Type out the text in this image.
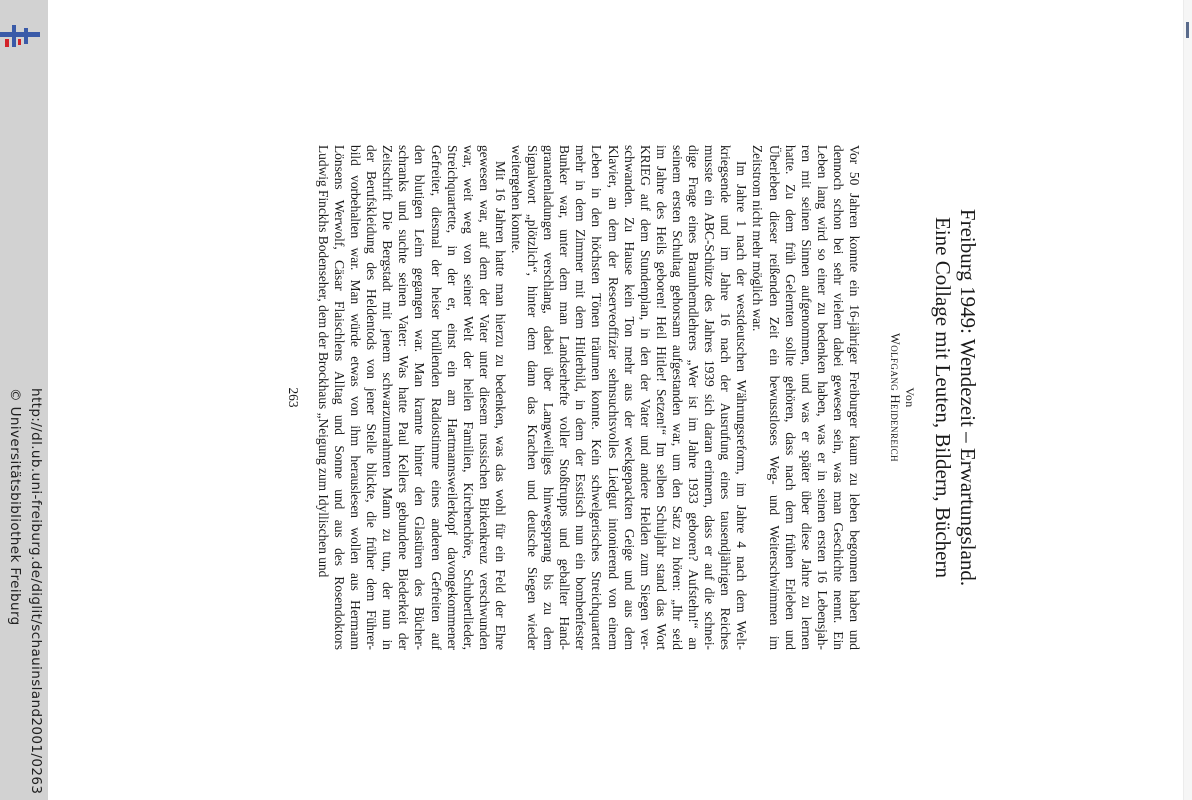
http://dl.ub.uni-freiburg.de/diglit/schauinsland2001/0263
© Universitätsbibliothek Freiburg	Freiburg 1949: Wendezeit – Erwartungsland.
Eine Collage mit Leuten, Bildern, Büchern
Von
Wolfgang Heidenreich
Vor 50 Jahren konnte ein 16-jähriger Freiburger kaum zu leben begonnen haben und
dennoch schon bei sehr vielem dabei gewesen sein, was man Geschichte nennt. Ein
Leben lang wird so einer zu bedenken haben, was er in seinen ersten 16 Lebensjah-
ren mit seinen Sinnen aufgenommen, und was er später über diese Jahre zu lernen
hatte. Zu dem früh Gelernten sollte gehören, dass nach dem frühen Erleben und
Überleben dieser reißenden Zeit ein bewusstloses Weg- und Weiterschwimmen im
Zeitstrom nicht mehr möglich war.
Im Jahre 1 nach der westdeutschen Währungsreform, im Jahre 4 nach dem Welt-
kriegsende und im Jahre 16 nach der Ausrufung eines tausendjährigen Reiches
musste ein ABC-Schütze des Jahres 1939 sich daran erinnern, dass er auf die schnei-
dige Frage eines Braunhemdlehrers „Wer ist im Jahre 1933 geboren? Aufstehn!“ an
seinem ersten Schultag gehorsam aufgestanden war, um den Satz zu hören: „Ihr seid
im Jahre des Heils geboren! Heil Hitler! Setzen!“ Im selben Schuljahr stand das Wort
KRIEG auf dem Stundenplan, in den der Vater und andere Helden zum Siegen ver-
schwanden. Zu Hause kein Ton mehr aus der weckgepackten Geige und aus dem
Klavier, an dem der Reserveoffizier sehnsuchtsvolles Liedgut intonierend von einem
Leben in den höchsten Tönen träumen konnte. Kein schwelgerisches Streichquartett
mehr in dem Zimmer mit dem Hitlerbild, in dem der Esstisch nun ein bombenfester
Bunker war, unter dem man Landserhefte voller Stoßtrupps und geballter Hand-
granatenladungen verschlang, dabei über Langweiliges hinwegsprang bis zu dem
Signalwort „plötzlich“, hinter dem dann das Krachen und deutsche Siegen wieder
weitergehen konnte.
Mit 16 Jahren hatte man hierzu zu bedenken, was das wohl für ein Feld der Ehre
gewesen war, auf dem der Vater unter diesem russischen Birkenkreuz verschwunden
war, weit weg von seiner Welt der heilen Familien, Kirchenchöre, Schubertlieder,
Streichquartette, in der er, einst ein am Hartmannsweilerkopf davongekommener
Gefreiter, diesmal der heiser brüllenden Radiostimme eines anderen Gefreiten auf
den blutigen Leim gegangen war. Man kramte hinter den Glastüren des Bücher-
schranks und suchte seinen Vater: Was hatte Paul Kellers gebundene Biederkeit der
Zeitschrift Die Bergstadt mit jenem schwarzumrahmten Mann zu tun, der nun in
der Berufskleidung des Heldentods von jener Stelle blickte, die früher dem Führer-
bild vorbehalten war. Man würde etwas von ihm herauslesen wollen aus Hermann
Lönsens Werwolf, Cäsar Flaischlens Alltag und Sonne und aus des Rosendoktors
Ludwig Finckhs Bodenseher, dem der Brockhaus „Neigung zum Idyllischen und
263
